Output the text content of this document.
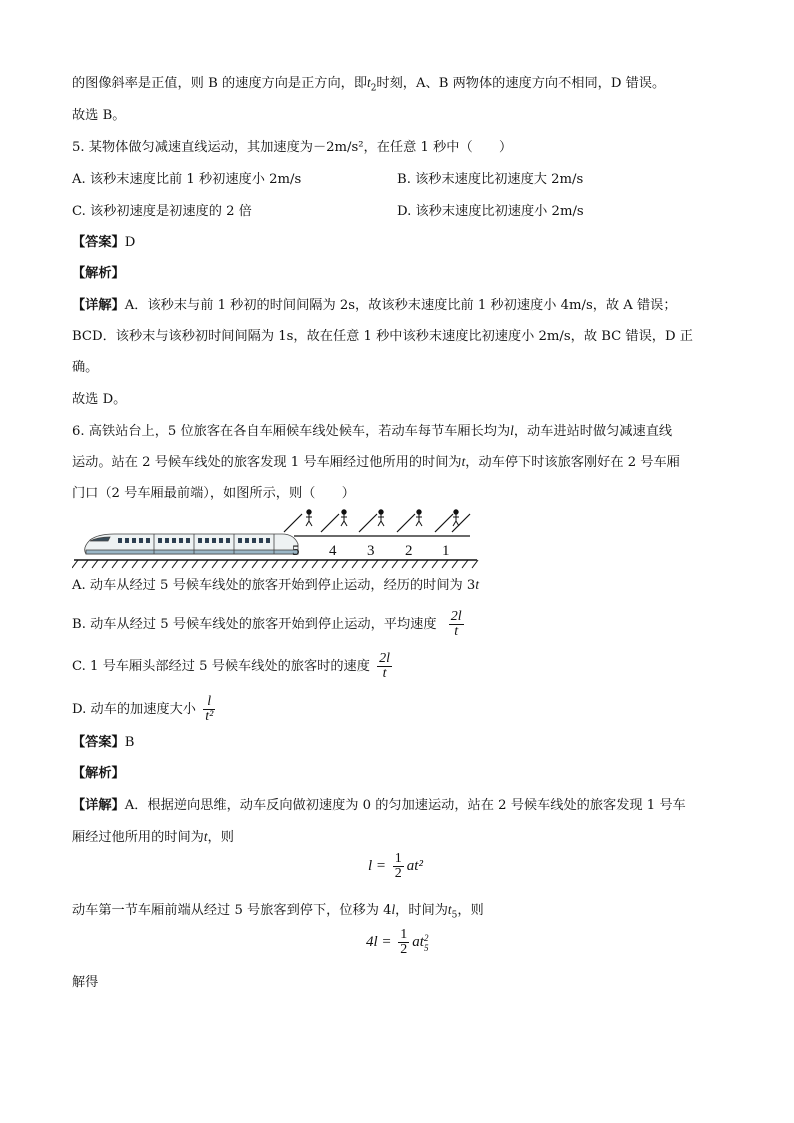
的图像斜率是正值，则 B 的速度方向是正方向，即$t_2$时刻，A、B 两物体的速度方向不相同，D 错误。
故选 B。
5. 某物体做匀减速直线运动，其加速度为－2m/s²，在任意 1 秒中（　　）
A. 该秒末速度比前 1 秒初速度小 2m/s	B. 该秒末速度比初速度大 2m/s
C. 该秒初速度是初速度的 2 倍	D. 该秒末速度比初速度小 2m/s
【答案】D
【解析】
【详解】A．该秒末与前 1 秒初的时间间隔为 2s，故该秒末速度比前 1 秒初速度小 4m/s，故 A 错误；
BCD．该秒末与该秒初时间间隔为 1s，故在任意 1 秒中该秒末速度比初速度小 2m/s，故 BC 错误，D 正
确。
故选 D。
6. 高铁站台上，5 位旅客在各自车厢候车线处候车，若动车每节车厢长均为l，动车进站时做匀减速直线
运动。站在 2 号候车线处的旅客发现 1 号车厢经过他所用的时间为t，动车停下时该旅客刚好在 2 号车厢
门口（2 号车厢最前端），如图所示，则（　　）
5 4 3 2 1
A. 动车从经过 5 号候车线处的旅客开始到停止运动，经历的时间为 3t
B. 动车从经过 5 号候车线处的旅客开始到停止运动，平均速度 $\frac{2l}{t}$
C. 1 号车厢头部经过 5 号候车线处的旅客时的速度 $\frac{2l}{t}$
D. 动车的加速度大小 $\frac{l}{\text{t²}}$
【答案】B
【解析】
【详解】A．根据逆向思维，动车反向做初速度为 0 的匀加速运动，站在 2 号候车线处的旅客发现 1 号车
厢经过他所用的时间为t，则
$l = \frac{1}{2} at^2$
动车第一节车厢前端从经过 5 号旅客到停下，位移为 4l，时间为$t_5$，则
$4l = \frac{1}{2}$ at 2
5
解得
